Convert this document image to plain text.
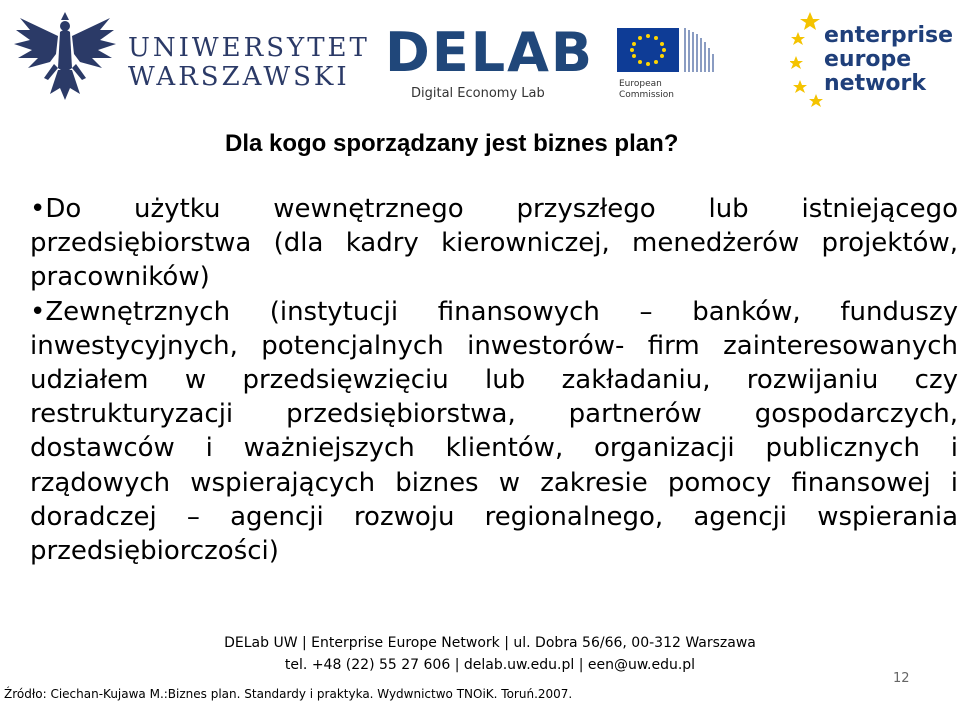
UNIWERSYTET
WARSZAWSKI DELAB
Digital Economy Lab
European
Commission
enterprise
europe
network
Dla kogo sporządzany jest biznes plan?

•Do użytku wewnętrznego przyszłego lub istniejącego przedsiębiorstwa (dla kadry kierowniczej, menedżerów projektów, pracowników)

•Zewnętrznych (instytucji finansowych – banków, funduszy inwestycyjnych, potencjalnych inwestorów- firm zainteresowanych udziałem w przedsięwzięciu lub zakładaniu, rozwijaniu czy restrukturyzacji przedsiębiorstwa, partnerów gospodarczych, dostawców i ważniejszych klientów, organizacji publicznych i rządowych wspierających biznes w zakresie pomocy finansowej i doradczej – agencji rozwoju regionalnego, agencji wspierania przedsiębiorczości)

DELab UW | Enterprise Europe Network | ul. Dobra 56/66, 00-312 Warszawa
tel. +48 (22) 55 27 606 | delab.uw.edu.pl | een@uw.edu.pl
12
Źródło: Ciechan-Kujawa M.:Biznes plan. Standardy i praktyka. Wydwnictwo TNOiK. Toruń.2007.
